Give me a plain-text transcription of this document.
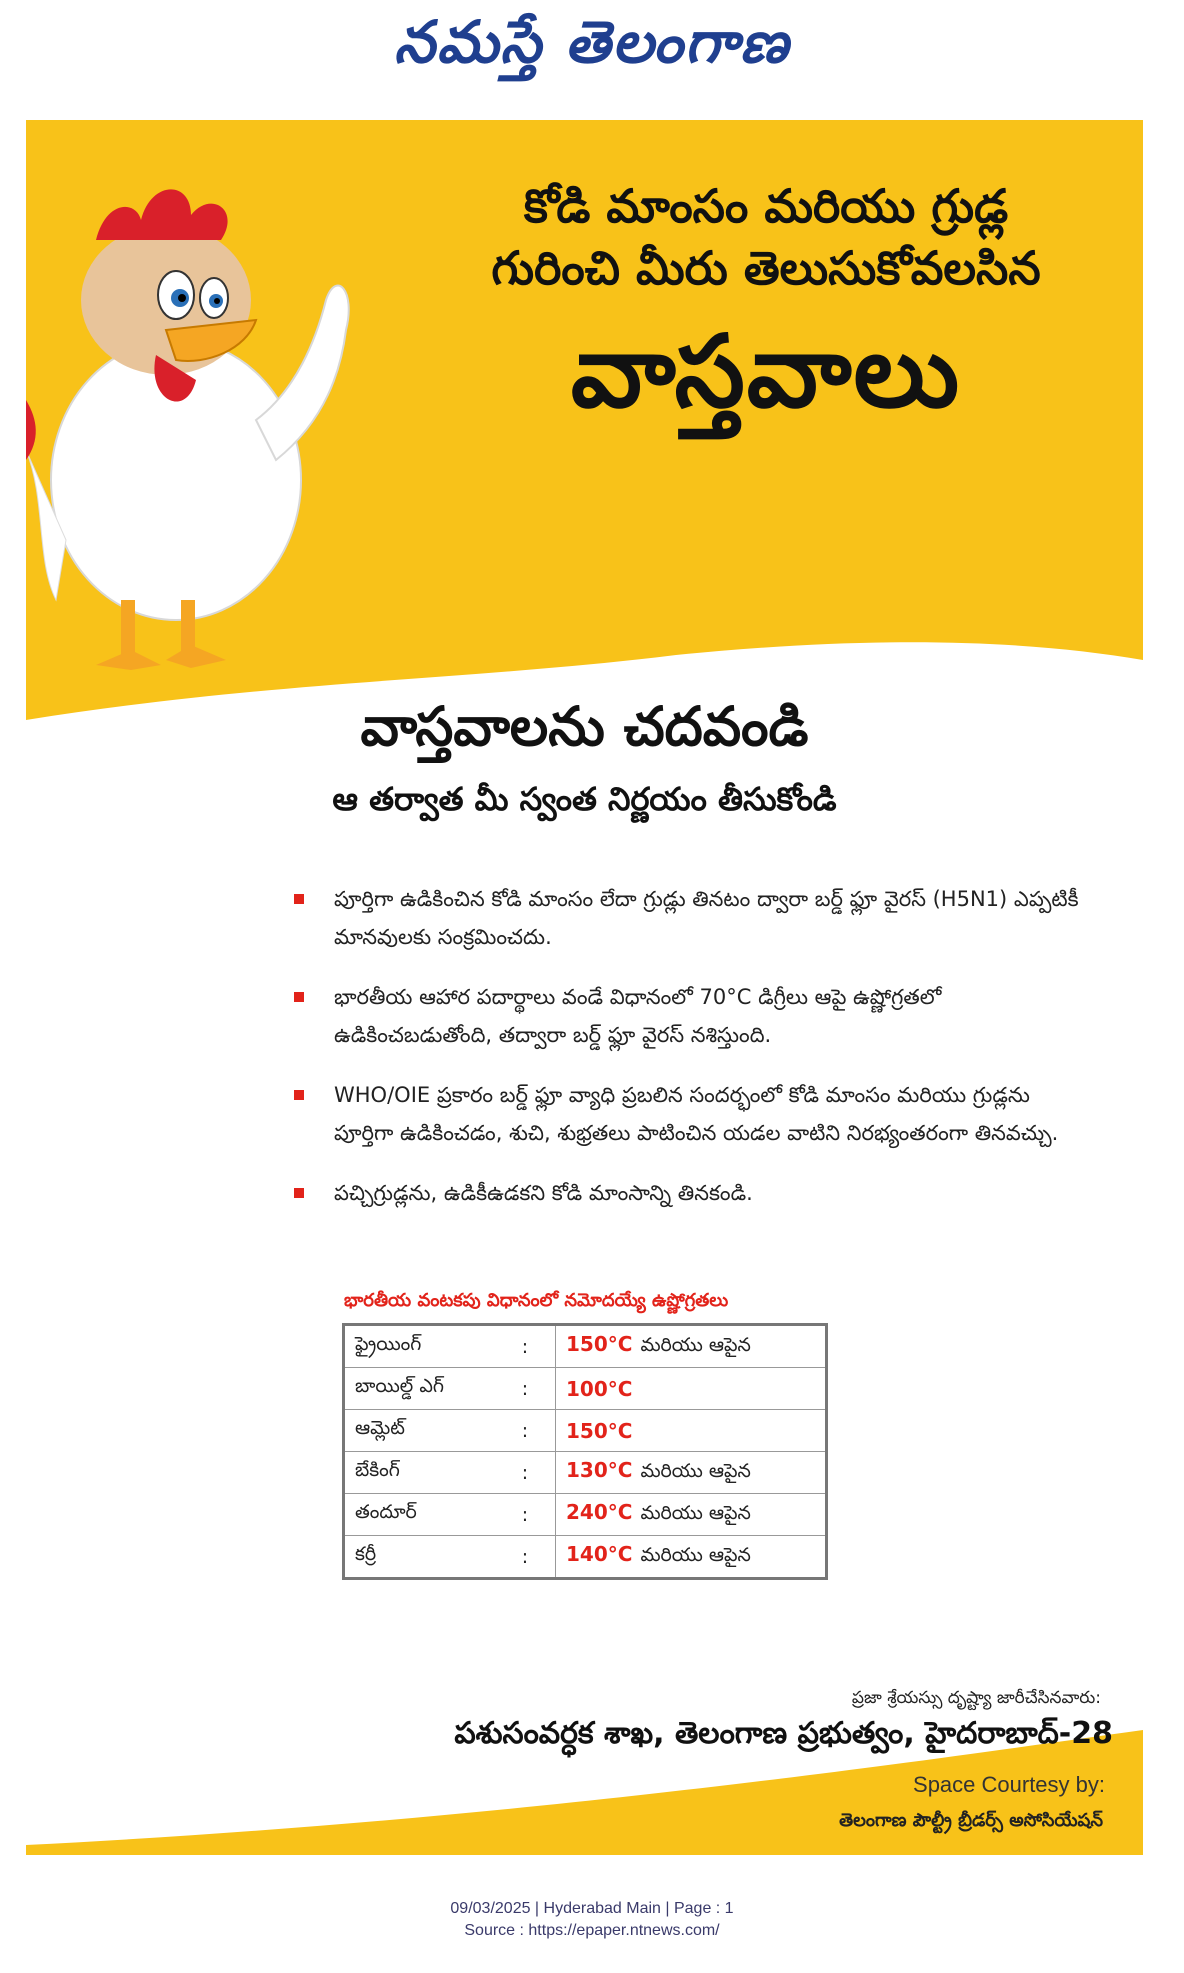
నమస్తే తెలంగాణ
కోడి మాంసం మరియు గ్రుడ్ల
గురించి మీరు తెలుసుకోవలసిన
వాస్తవాలు
వాస్తవాలను చదవండి
ఆ తర్వాత మీ స్వంత నిర్ణయం తీసుకోండి
పూర్తిగా ఉడికించిన కోడి మాంసం లేదా గ్రుడ్లు తినటం ద్వారా బర్డ్ ఫ్లూ వైరస్ (H5N1) ఎప్పటికీ మానవులకు సంక్రమించదు.
భారతీయ ఆహార పదార్థాలు వండే విధానంలో 70°C డిగ్రీలు ఆపై ఉష్ణోగ్రతలో ఉడికించబడుతోంది, తద్వారా బర్డ్ ఫ్లూ వైరస్ నశిస్తుంది.
WHO/OIE ప్రకారం బర్డ్ ఫ్లూ వ్యాధి ప్రబలిన సందర్భంలో కోడి మాంసం మరియు గ్రుడ్లను పూర్తిగా ఉడికించడం, శుచి, శుభ్రతలు పాటించిన యడల వాటిని నిరభ్యంతరంగా తినవచ్చు.
పచ్చిగ్రుడ్లను, ఉడికీఉడకని కోడి మాంసాన్ని తినకండి.
భారతీయ వంటకపు విధానంలో నమోదయ్యే ఉష్ణోగ్రతలు
ఫ్రైయింగ్	:	150°C మరియు ఆపైన
బాయిల్డ్ ఎగ్	:	100°C
ఆమ్లెట్	:	150°C
బేకింగ్	:	130°C మరియు ఆపైన
తందూర్	:	240°C మరియు ఆపైన
కర్రీ	:	140°C మరియు ఆపైన
ప్రజా శ్రేయస్సు దృష్ట్యా జారీచేసినవారు:
పశుసంవర్ధక శాఖ, తెలంగాణ ప్రభుత్వం, హైదరాబాద్-28
Space Courtesy by:
తెలంగాణ పౌల్ట్రీ బ్రీడర్స్ అసోసియేషన్
09/03/2025 | Hyderabad Main | Page : 1
Source : https://epaper.ntnews.com/
